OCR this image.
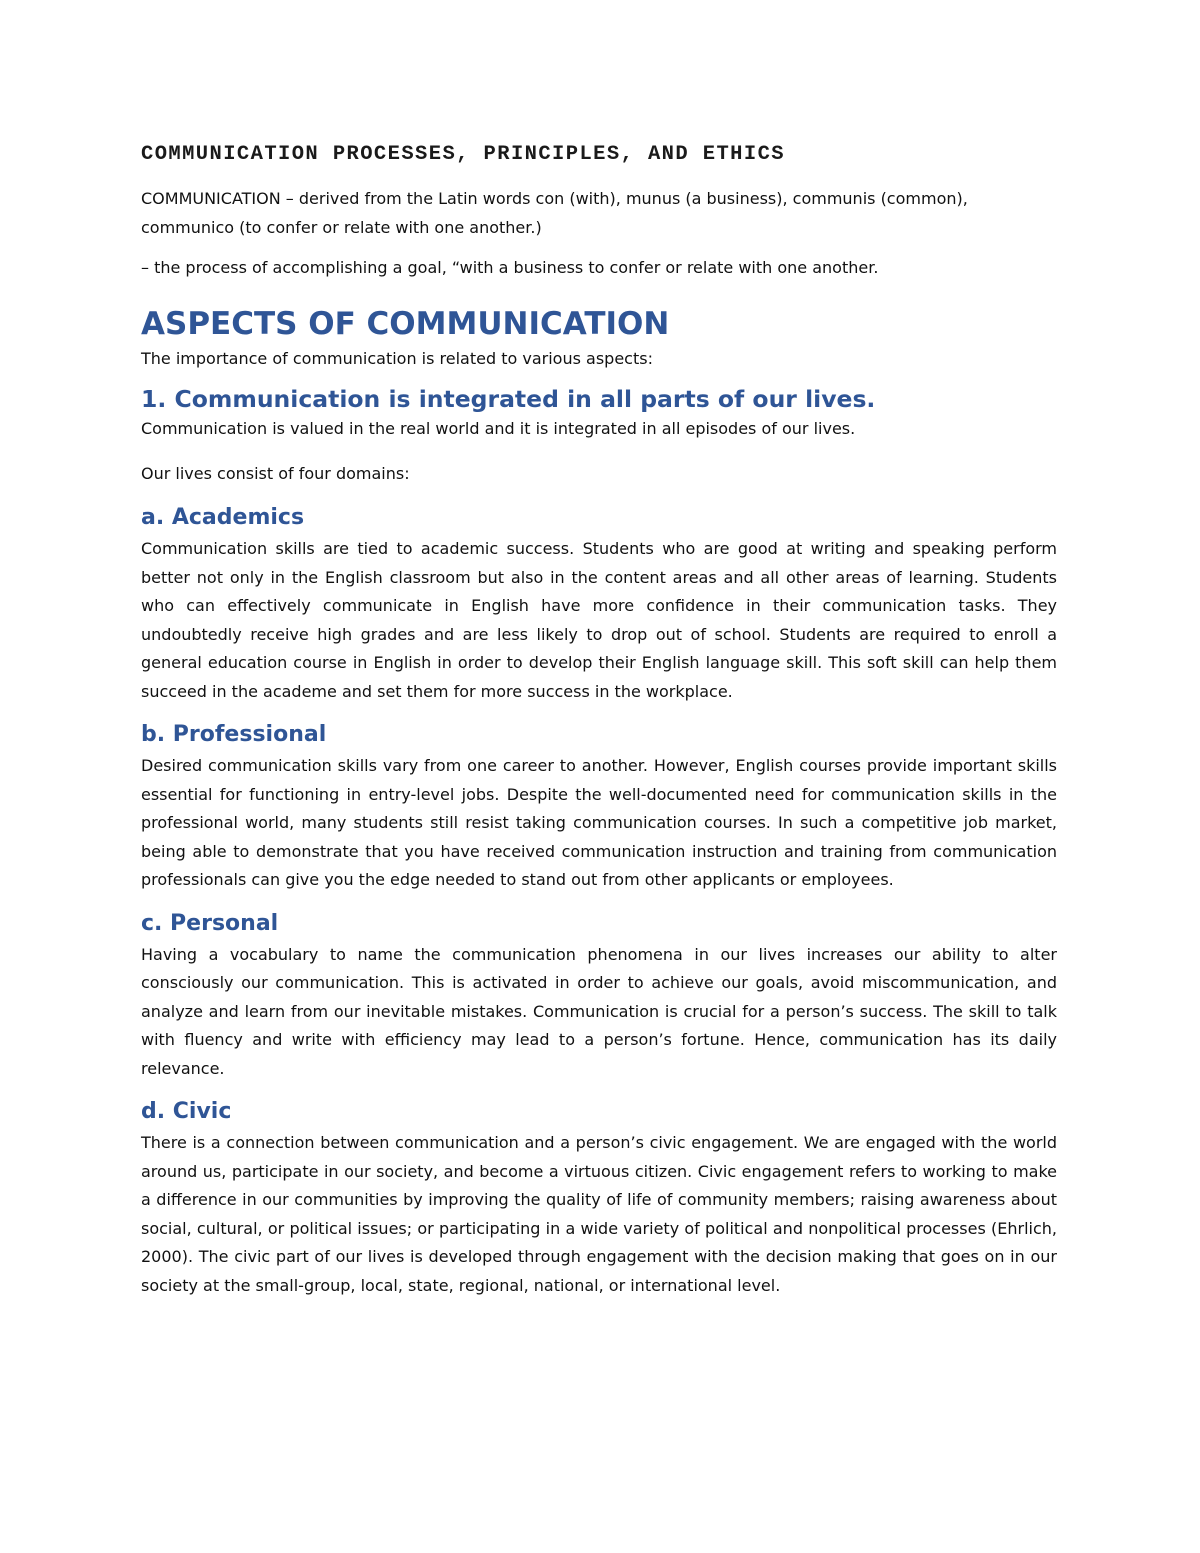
COMMUNICATION PROCESSES, PRINCIPLES, AND ETHICS

COMMUNICATION – derived from the Latin words con (with), munus (a business), communis (common), communico (to confer or relate with one another.)

– the process of accomplishing a goal, “with a business to confer or relate with one another.

ASPECTS OF COMMUNICATION

The importance of communication is related to various aspects:

1. Communication is integrated in all parts of our lives.

Communication is valued in the real world and it is integrated in all episodes of our lives.

Our lives consist of four domains:

a. Academics

Communication skills are tied to academic success. Students who are good at writing and speaking perform better not only in the English classroom but also in the content areas and all other areas of learning. Students who can effectively communicate in English have more confidence in their communication tasks. They undoubtedly receive high grades and are less likely to drop out of school. Students are required to enroll a general education course in English in order to develop their English language skill. This soft skill can help them succeed in the academe and set them for more success in the workplace.

b. Professional

Desired communication skills vary from one career to another. However, English courses provide important skills essential for functioning in entry-level jobs. Despite the well-documented need for communication skills in the professional world, many students still resist taking communication courses. In such a competitive job market, being able to demonstrate that you have received communication instruction and training from communication professionals can give you the edge needed to stand out from other applicants or employees.

c. Personal

Having a vocabulary to name the communication phenomena in our lives increases our ability to alter consciously our communication. This is activated in order to achieve our goals, avoid miscommunication, and analyze and learn from our inevitable mistakes. Communication is crucial for a person’s success. The skill to talk with fluency and write with efficiency may lead to a person’s fortune. Hence, communication has its daily relevance.

d. Civic

There is a connection between communication and a person’s civic engagement. We are engaged with the world around us, participate in our society, and become a virtuous citizen. Civic engagement refers to working to make a difference in our communities by improving the quality of life of community members; raising awareness about social, cultural, or political issues; or participating in a wide variety of political and nonpolitical processes (Ehrlich, 2000). The civic part of our lives is developed through engagement with the decision making that goes on in our society at the small-group, local, state, regional, national, or international level.
